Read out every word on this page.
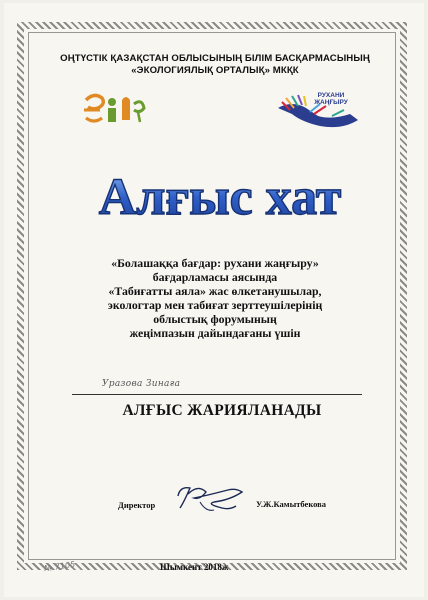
ОҢТҮСТІК ҚАЗАҚСТАН ОБЛЫСЫНЫҢ БІЛІМ БАСҚАРМАСЫНЫҢ
«ЭКОЛОГИЯЛЫҚ ОРТАЛЫҚ» МКҚК
РУХАНИ
ЖАҢҒЫРУ
Алғыс хат
«Болашаққа бағдар: рухани жаңғыру»
бағдарламасы аясында
«Табиғатты аяла» жас өлкетанушылар,
экологтар мен табиғат зерттеушілерінің
облыстық форумының
жеңімпазын дайындағаны үшін
Уразова Зинаға
АЛҒЫС ЖАРИЯЛАНАДЫ
Директор	У.Ж.Камытбекова
Шымкент 2018ж
№ 7105
